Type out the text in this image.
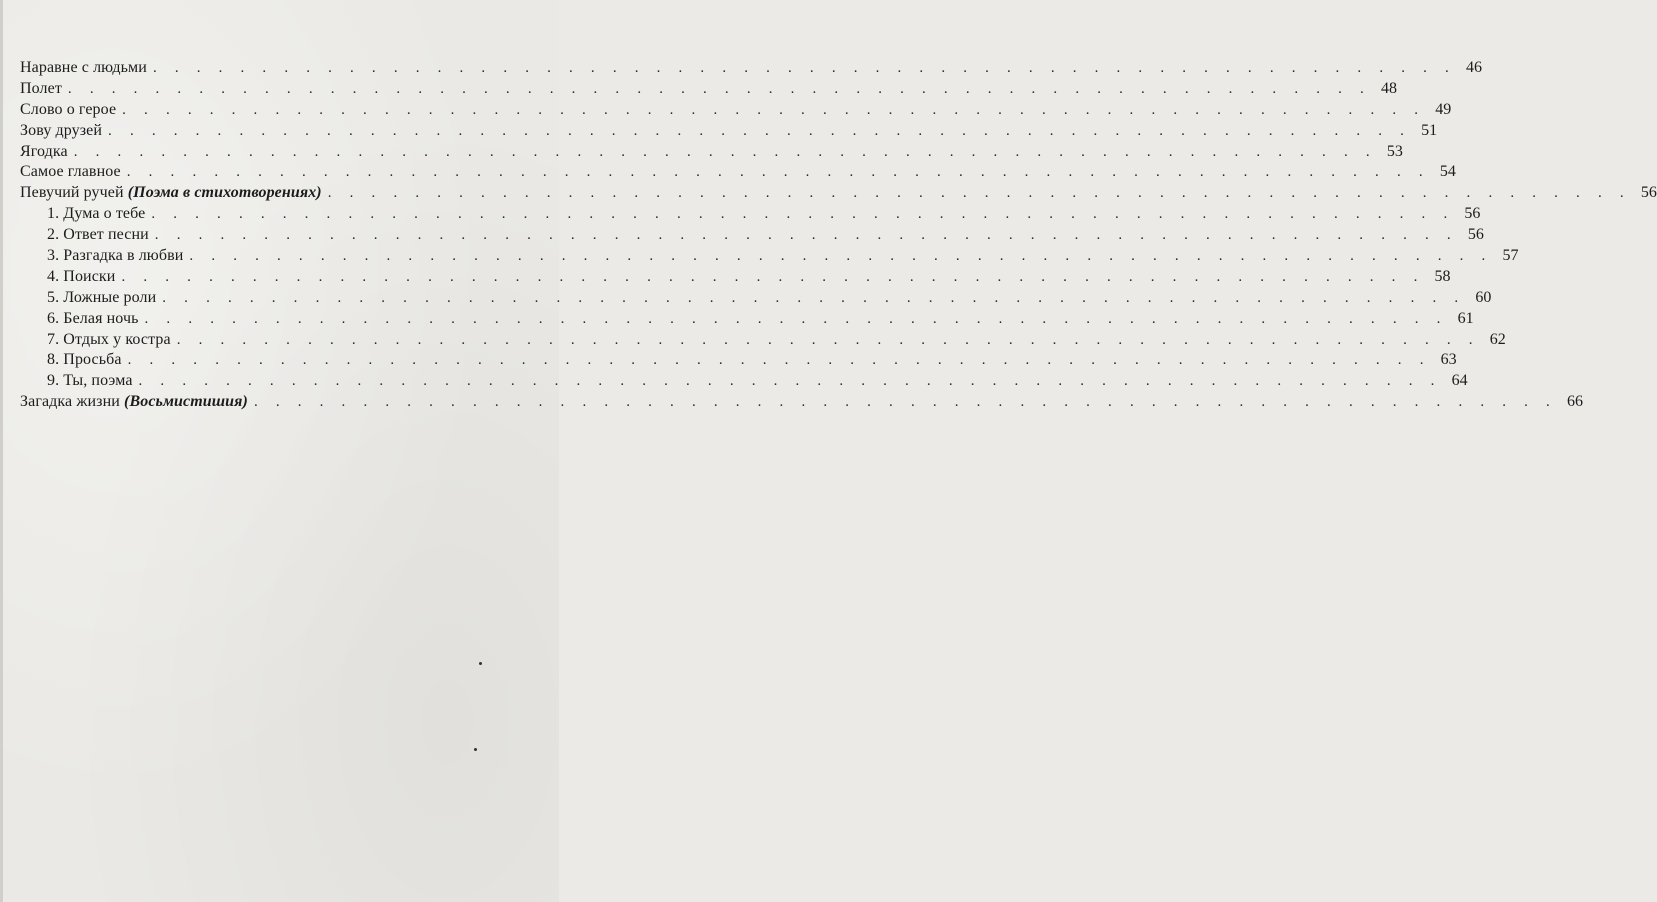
Наравне с людьми . . . . . . . . . . . . . . . . . . . . . . . . . . . . . . . . . . . . . . . . . . . . . . . . . . . . . . . . . . . . 46
Полет . . . . . . . . . . . . . . . . . . . . . . . . . . . . . . . . . . . . . . . . . . . . . . . . . . . . . . . . . . . . 48
Слово о герое . . . . . . . . . . . . . . . . . . . . . . . . . . . . . . . . . . . . . . . . . . . . . . . . . . . . . . . . . . . . 49
Зову друзей . . . . . . . . . . . . . . . . . . . . . . . . . . . . . . . . . . . . . . . . . . . . . . . . . . . . . . . . . . . . 51
Ягодка . . . . . . . . . . . . . . . . . . . . . . . . . . . . . . . . . . . . . . . . . . . . . . . . . . . . . . . . . . . . 53
Самое главное . . . . . . . . . . . . . . . . . . . . . . . . . . . . . . . . . . . . . . . . . . . . . . . . . . . . . . . . . . . . 54
Певучий ручей (Поэма в стихотворениях) . . . . . . . . . . . . . . . . . . . . . . . . . . . . . . . . . . . . . . . . . . . . . . . . . . . . . . . . . . . . 56
1. Дума о тебе . . . . . . . . . . . . . . . . . . . . . . . . . . . . . . . . . . . . . . . . . . . . . . . . . . . . . . . . . . . . 56
2. Ответ песни . . . . . . . . . . . . . . . . . . . . . . . . . . . . . . . . . . . . . . . . . . . . . . . . . . . . . . . . . . . . 56
3. Разгадка в любви . . . . . . . . . . . . . . . . . . . . . . . . . . . . . . . . . . . . . . . . . . . . . . . . . . . . . . . . . . . . 57
4. Поиски . . . . . . . . . . . . . . . . . . . . . . . . . . . . . . . . . . . . . . . . . . . . . . . . . . . . . . . . . . . . 58
5. Ложные роли . . . . . . . . . . . . . . . . . . . . . . . . . . . . . . . . . . . . . . . . . . . . . . . . . . . . . . . . . . . . 60
6. Белая ночь . . . . . . . . . . . . . . . . . . . . . . . . . . . . . . . . . . . . . . . . . . . . . . . . . . . . . . . . . . . . 61
7. Отдых у костра . . . . . . . . . . . . . . . . . . . . . . . . . . . . . . . . . . . . . . . . . . . . . . . . . . . . . . . . . . . . 62
8. Просьба . . . . . . . . . . . . . . . . . . . . . . . . . . . . . . . . . . . . . . . . . . . . . . . . . . . . . . . . . . . . 63
9. Ты, поэма . . . . . . . . . . . . . . . . . . . . . . . . . . . . . . . . . . . . . . . . . . . . . . . . . . . . . . . . . . . . 64
Загадка жизни (Восьмистишия) . . . . . . . . . . . . . . . . . . . . . . . . . . . . . . . . . . . . . . . . . . . . . . . . . . . . . . . . . . . . 66
